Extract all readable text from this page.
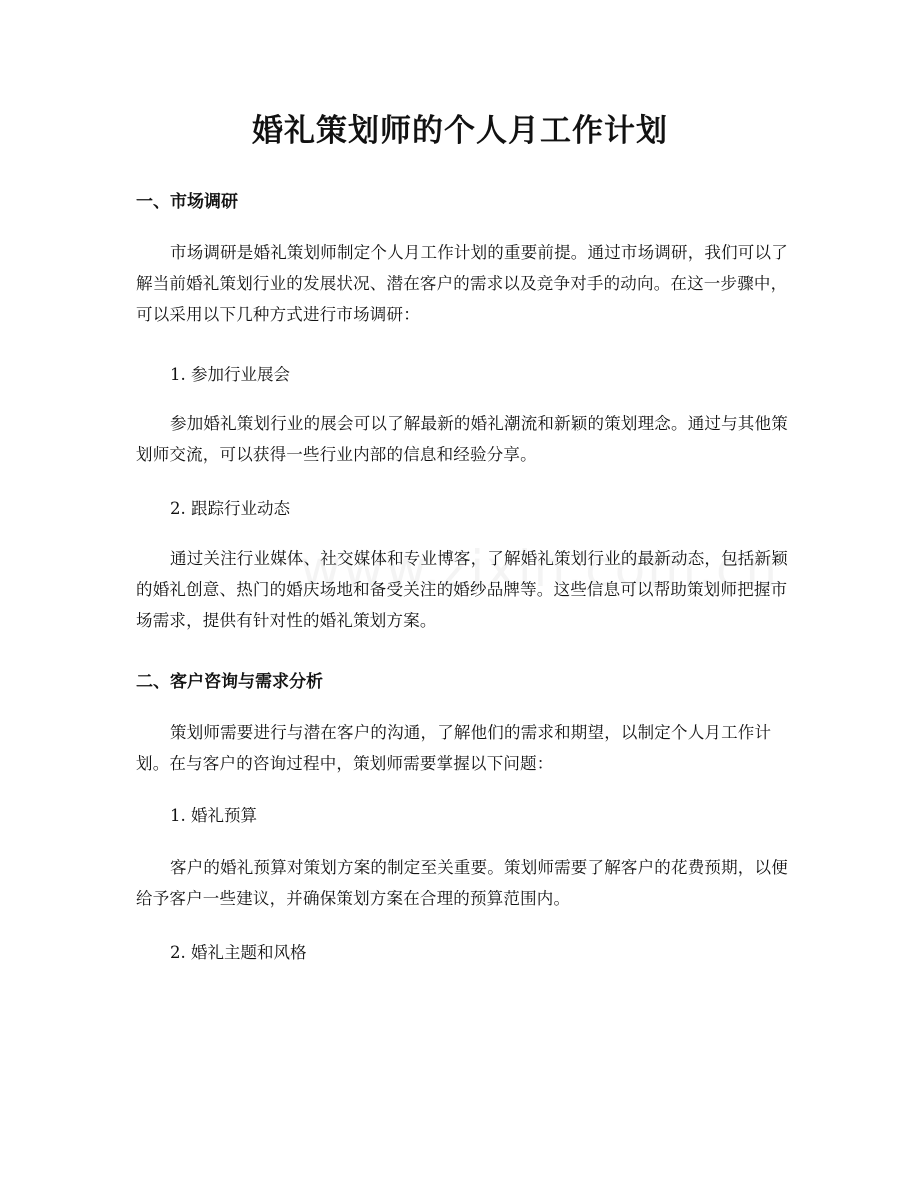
婚礼策划师的个人月工作计划
一、市场调研
市场调研是婚礼策划师制定个人月工作计划的重要前提。通过市场调研，我们可以了解当前婚礼策划行业的发展状况、潜在客户的需求以及竞争对手的动向。在这一步骤中，可以采用以下几种方式进行市场调研：
1. 参加行业展会
参加婚礼策划行业的展会可以了解最新的婚礼潮流和新颖的策划理念。通过与其他策划师交流，可以获得一些行业内部的信息和经验分享。
2. 跟踪行业动态
通过关注行业媒体、社交媒体和专业博客，了解婚礼策划行业的最新动态，包括新颖的婚礼创意、热门的婚庆场地和备受关注的婚纱品牌等。这些信息可以帮助策划师把握市场需求，提供有针对性的婚礼策划方案。
二、客户咨询与需求分析
策划师需要进行与潜在客户的沟通，了解他们的需求和期望，以制定个人月工作计划。在与客户的咨询过程中，策划师需要掌握以下问题：
1. 婚礼预算
客户的婚礼预算对策划方案的制定至关重要。策划师需要了解客户的花费预期，以便给予客户一些建议，并确保策划方案在合理的预算范围内。
2. 婚礼主题和风格
